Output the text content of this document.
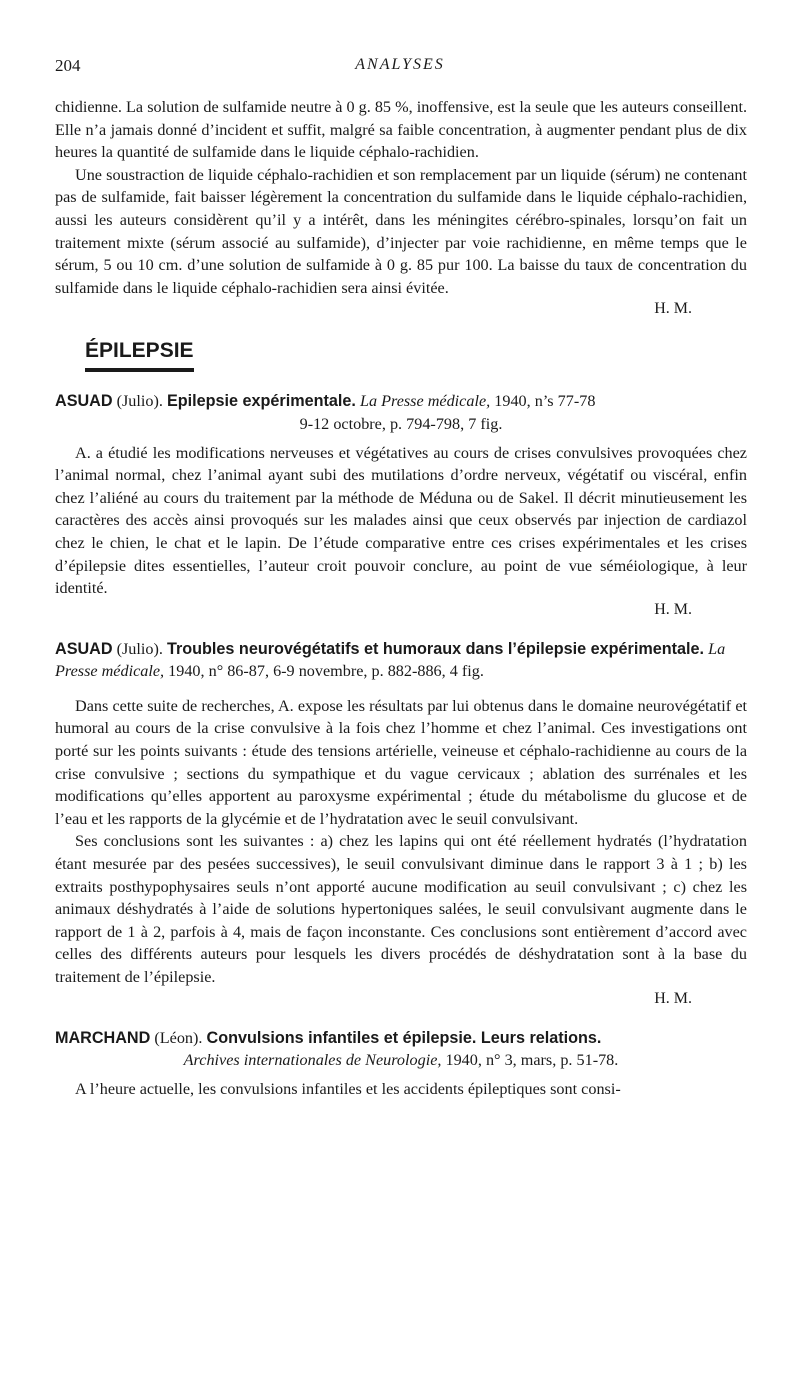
204	ANALYSES

chidienne. La solution de sulfamide neutre à 0 g. 85 %, inoffensive, est la seule que les auteurs conseillent. Elle n’a jamais donné d’incident et suffit, malgré sa faible concentration, à augmenter pendant plus de dix heures la quantité de sulfamide dans le liquide céphalo-rachidien.

Une soustraction de liquide céphalo-rachidien et son remplacement par un liquide (sérum) ne contenant pas de sulfamide, fait baisser légèrement la concentration du sulfamide dans le liquide céphalo-rachidien, aussi les auteurs considèrent qu’il y a intérêt, dans les méningites cérébro-spinales, lorsqu’on fait un traitement mixte (sérum associé au sulfamide), d’injecter par voie rachidienne, en même temps que le sérum, 5 ou 10 cm. d’une solution de sulfamide à 0 g. 85 pur 100. La baisse du taux de concentration du sulfamide dans le liquide céphalo-rachidien sera ainsi évitée.

H. M.

ÉPILEPSIE
ASUAD (Julio). Epilepsie expérimentale. La Presse médicale, 1940, n’s 77-78
9-12 octobre, p. 794-798, 7 fig.

A. a étudié les modifications nerveuses et végétatives au cours de crises convulsives provoquées chez l’animal normal, chez l’animal ayant subi des mutilations d’ordre nerveux, végétatif ou viscéral, enfin chez l’aliéné au cours du traitement par la méthode de Méduna ou de Sakel. Il décrit minutieusement les caractères des accès ainsi provoqués sur les malades ainsi que ceux observés par injection de cardiazol chez le chien, le chat et le lapin. De l’étude comparative entre ces crises expérimentales et les crises d’épilepsie dites essentielles, l’auteur croit pouvoir conclure, au point de vue séméiologique, à leur identité.

H. M.

ASUAD (Julio). Troubles neurovégétatifs et humoraux dans l’épilepsie expérimentale. La Presse médicale, 1940, n° 86-87, 6-9 novembre, p. 882-886, 4 fig.

Dans cette suite de recherches, A. expose les résultats par lui obtenus dans le domaine neurovégétatif et humoral au cours de la crise convulsive à la fois chez l’homme et chez l’animal. Ces investigations ont porté sur les points suivants : étude des tensions artérielle, veineuse et céphalo-rachidienne au cours de la crise convulsive ; sections du sympathique et du vague cervicaux ; ablation des surrénales et les modifications qu’elles apportent au paroxysme expérimental ; étude du métabolisme du glucose et de l’eau et les rapports de la glycémie et de l’hydratation avec le seuil convulsivant.

Ses conclusions sont les suivantes : a) chez les lapins qui ont été réellement hydratés (l’hydratation étant mesurée par des pesées successives), le seuil convulsivant diminue dans le rapport 3 à 1 ; b) les extraits posthypophysaires seuls n’ont apporté aucune modification au seuil convulsivant ; c) chez les animaux déshydratés à l’aide de solutions hypertoniques salées, le seuil convulsivant augmente dans le rapport de 1 à 2, parfois à 4, mais de façon inconstante. Ces conclusions sont entièrement d’accord avec celles des différents auteurs pour lesquels les divers procédés de déshydratation sont à la base du traitement de l’épilepsie.

H. M.

MARCHAND (Léon). Convulsions infantiles et épilepsie. Leurs relations.
Archives internationales de Neurologie, 1940, n° 3, mars, p. 51-78.

A l’heure actuelle, les convulsions infantiles et les accidents épileptiques sont consi-
